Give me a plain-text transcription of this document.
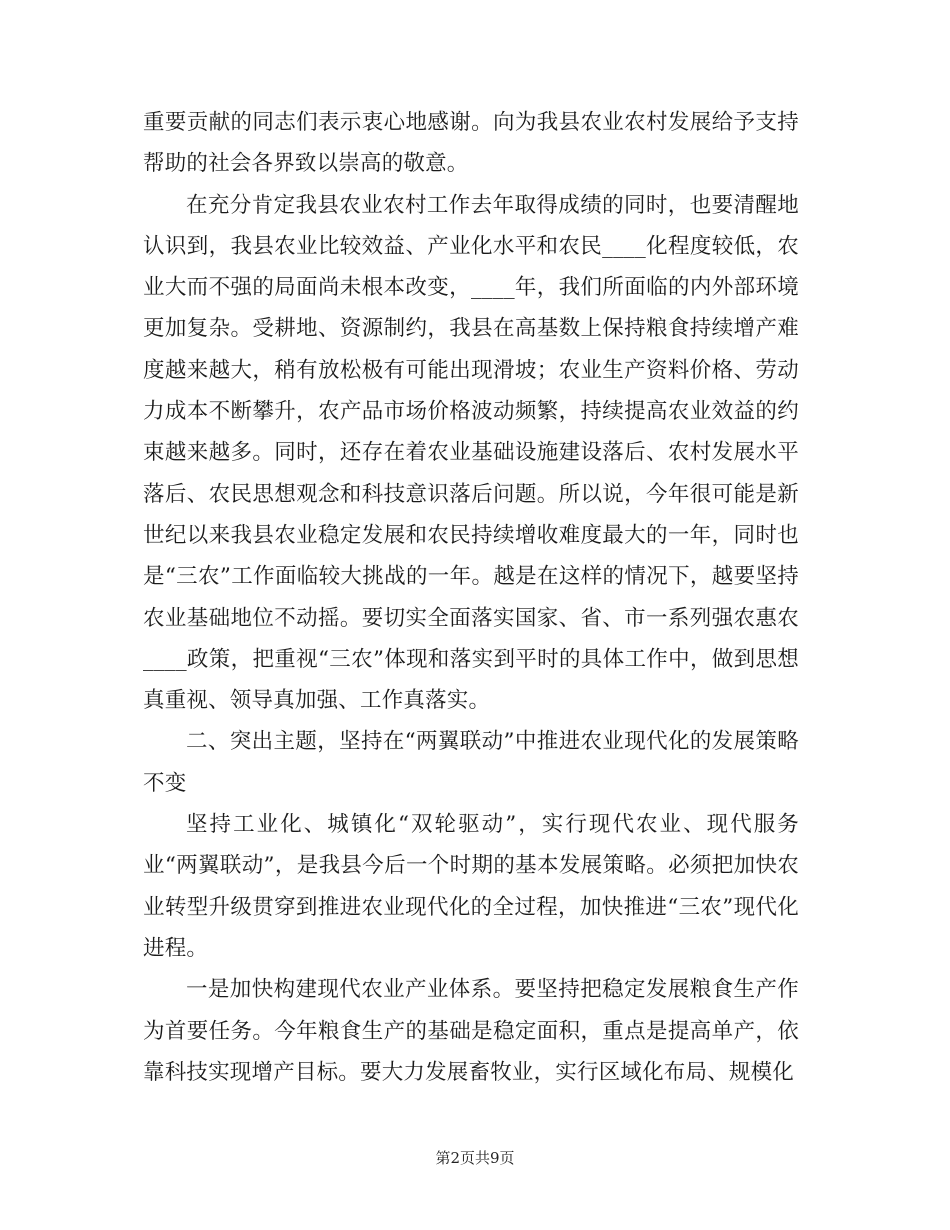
重要贡献的同志们表示衷心地感谢。向为我县农业农村发展给予支持帮助的社会各界致以崇高的敬意。

在充分肯定我县农业农村工作去年取得成绩的同时，也要清醒地认识到，我县农业比较效益、产业化水平和农民____化程度较低，农业大而不强的局面尚未根本改变，____年，我们所面临的内外部环境更加复杂。受耕地、资源制约，我县在高基数上保持粮食持续增产难度越来越大，稍有放松极有可能出现滑坡；农业生产资料价格、劳动力成本不断攀升，农产品市场价格波动频繁，持续提高农业效益的约束越来越多。同时，还存在着农业基础设施建设落后、农村发展水平落后、农民思想观念和科技意识落后问题。所以说，今年很可能是新世纪以来我县农业稳定发展和农民持续增收难度最大的一年，同时也是“三农”工作面临较大挑战的一年。越是在这样的情况下，越要坚持农业基础地位不动摇。要切实全面落实国家、省、市一系列强农惠农____政策，把重视“三农”体现和落实到平时的具体工作中，做到思想真重视、领导真加强、工作真落实。

二、突出主题，坚持在“两翼联动”中推进农业现代化的发展策略不变

坚持工业化、城镇化“双轮驱动”，实行现代农业、现代服务业“两翼联动”，是我县今后一个时期的基本发展策略。必须把加快农业转型升级贯穿到推进农业现代化的全过程，加快推进“三农”现代化进程。

一是加快构建现代农业产业体系。要坚持把稳定发展粮食生产作为首要任务。今年粮食生产的基础是稳定面积，重点是提高单产，依靠科技实现增产目标。要大力发展畜牧业，实行区域化布局、规模化

第2页共9页
